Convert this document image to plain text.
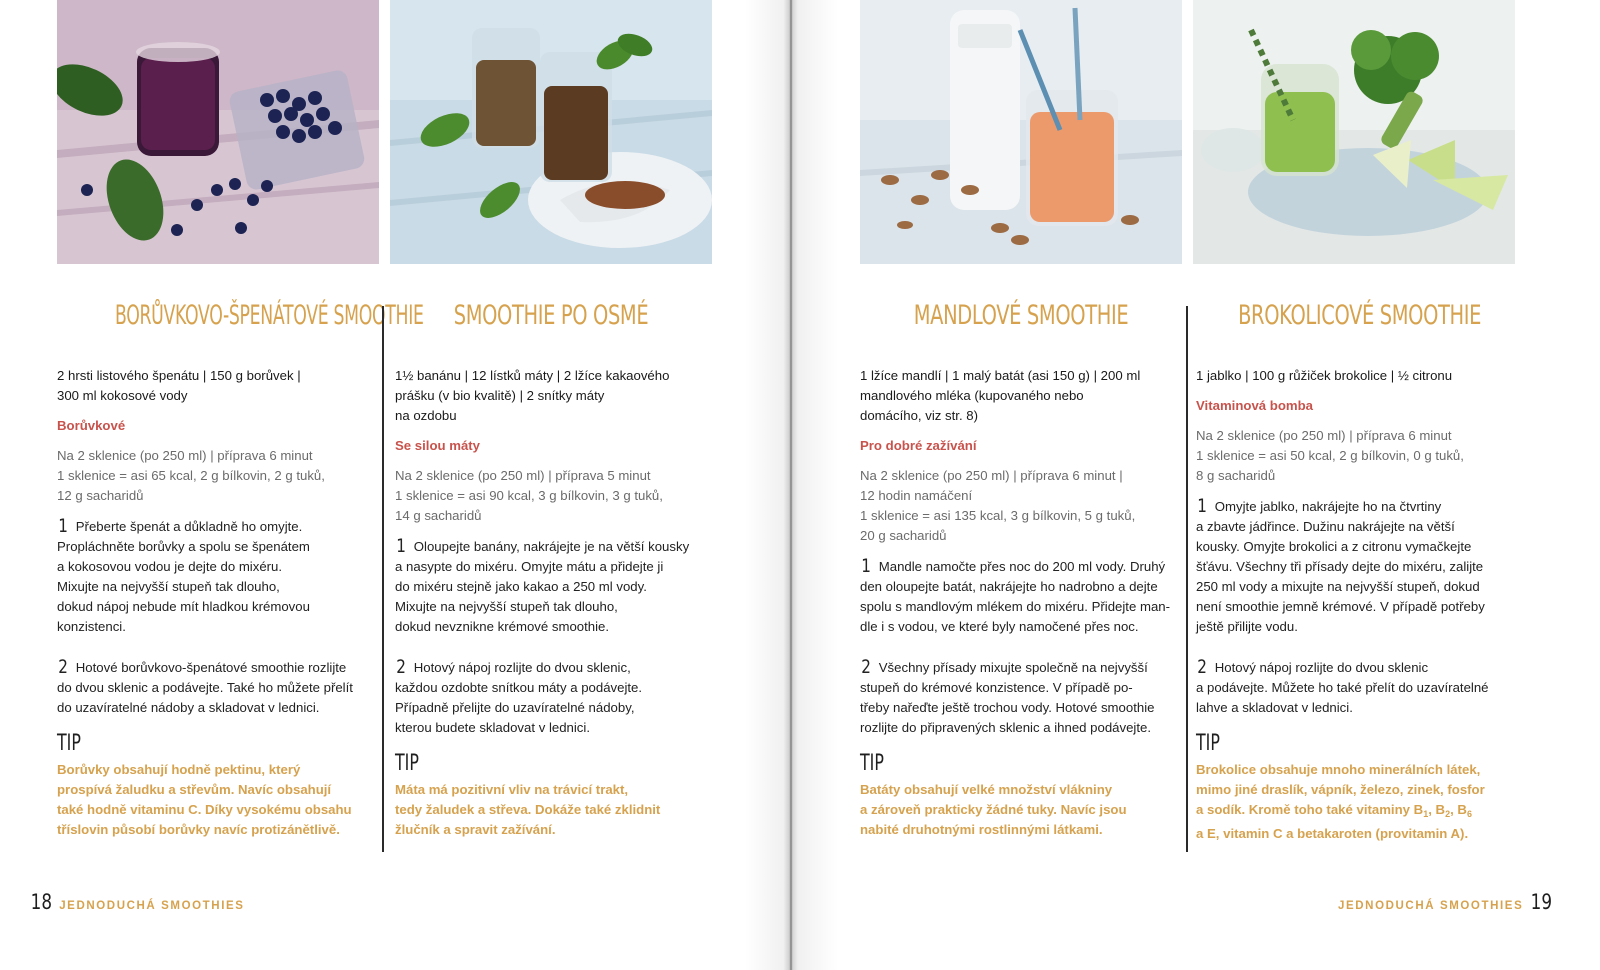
BORŮVKOVO-ŠPENÁTOVÉ SMOOTHIE
2 hrsti listového špenátu | 150 g borůvek |
300 ml kokosové vody
Borůvkové
Na 2 sklenice (po 250 ml) | příprava 6 minut
1 sklenice = asi 65 kcal, 2 g bílkovin, 2 g tuků,
12 g sacharidů
1 Přeberte špenát a důkladně ho omyjte.
Propláchněte borůvky a spolu se špenátem
a kokosovou vodou je dejte do mixéru.
Mixujte na nejvyšší stupeň tak dlouho,
dokud nápoj nebude mít hladkou krémovou
konzistenci.
2 Hotové borůvkovo-špenátové smoothie rozlijte
do dvou sklenic a podávejte. Také ho můžete přelít
do uzavíratelné nádoby a skladovat v lednici.
TIP
Borůvky obsahují hodně pektinu, který
prospívá žaludku a střevům. Navíc obsahují
také hodně vitaminu C. Díky vysokému obsahu
tříslovin působí borůvky navíc protizánětlivě.
SMOOTHIE PO OSMÉ
1½ banánu | 12 lístků máty | 2 lžíce kakaového
prášku (v bio kvalitě) | 2 snítky máty
na ozdobu
Se silou máty
Na 2 sklenice (po 250 ml) | příprava 5 minut
1 sklenice = asi 90 kcal, 3 g bílkovin, 3 g tuků,
14 g sacharidů
1 Oloupejte banány, nakrájejte je na větší kousky
a nasypte do mixéru. Omyjte mátu a přidejte ji
do mixéru stejně jako kakao a 250 ml vody.
Mixujte na nejvyšší stupeň tak dlouho,
dokud nevznikne krémové smoothie.
2 Hotový nápoj rozlijte do dvou sklenic,
každou ozdobte snítkou máty a podávejte.
Případně přelijte do uzavíratelné nádoby,
kterou budete skladovat v lednici.
TIP
Máta má pozitivní vliv na trávicí trakt,
tedy žaludek a střeva. Dokáže také zklidnit
žlučník a spravit zažívání.
18 JEDNODUCHÁ SMOOTHIES
MANDLOVÉ SMOOTHIE
1 lžíce mandlí | 1 malý batát (asi 150 g) | 200 ml
mandlového mléka (kupovaného nebo
domácího, viz str. 8)
Pro dobré zažívání
Na 2 sklenice (po 250 ml) | příprava 6 minut |
12 hodin namáčení
1 sklenice = asi 135 kcal, 3 g bílkovin, 5 g tuků,
20 g sacharidů
1 Mandle namočte přes noc do 200 ml vody. Druhý
den oloupejte batát, nakrájejte ho nadrobno a dejte
spolu s mandlovým mlékem do mixéru. Přidejte man-
dle i s vodou, ve které byly namočené přes noc.
2 Všechny přísady mixujte společně na nejvyšší
stupeň do krémové konzistence. V případě po-
třeby nařeďte ještě trochou vody. Hotové smoothie
rozlijte do připravených sklenic a ihned podávejte.
TIP
Batáty obsahují velké množství vlákniny
a zároveň prakticky žádné tuky. Navíc jsou
nabité druhotnými rostlinnými látkami.
BROKOLICOVÉ SMOOTHIE
1 jablko | 100 g růžiček brokolice | ½ citronu
Vitaminová bomba
Na 2 sklenice (po 250 ml) | příprava 6 minut
1 sklenice = asi 50 kcal, 2 g bílkovin, 0 g tuků,
8 g sacharidů
1 Omyjte jablko, nakrájejte ho na čtvrtiny
a zbavte jádřince. Dužinu nakrájejte na větší
kousky. Omyjte brokolici a z citronu vymačkejte
šťávu. Všechny tři přísady dejte do mixéru, zalijte
250 ml vody a mixujte na nejvyšší stupeň, dokud
není smoothie jemně krémové. V případě potřeby
ještě přilijte vodu.
2 Hotový nápoj rozlijte do dvou sklenic
a podávejte. Můžete ho také přelít do uzavíratelné
lahve a skladovat v lednici.
TIP
Brokolice obsahuje mnoho minerálních látek,
mimo jiné draslík, vápník, železo, zinek, fosfor
a sodík. Kromě toho také vitaminy $B_1$, $B_2$, $B_6$
a E, vitamin C a betakaroten (provitamin A).
JEDNODUCHÁ SMOOTHIES 19
